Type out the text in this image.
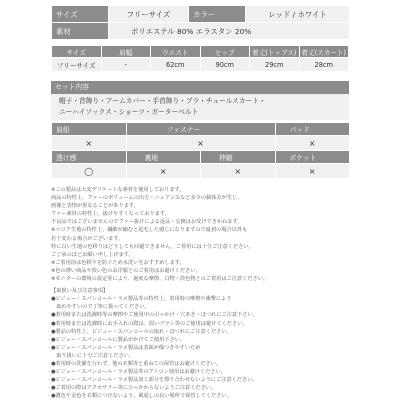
サイズ	フリーサイズ	カラー	レッド / ホワイト
素材	ポリエステル 80% エラスタン 20%		
サイズ	肩幅	ウエスト	ヒップ	着丈(トップス)	着丈(スカート)
フリーサイズ	-	62cm	90cm	29cm	28cm
セット内容
帽子・首飾り・アームカバー・手首飾り・ブラ・チュールスカート・
ニーハイソックス・ショーツ・ガーターベルト
肩紐	ファスナー		パッド
×	×		×
透け感	裏地	伸縮	ポケット
◯	×	×	×
※この製品は大変デリケートな素材を使用しております。
商品の特性上、ファーのボリュームの出方・ニュアンスなど多少の個体差が生じ、
画像と表情が異なることがあります。
ファー素材の特性上、抜けやすくなっております。
不良品ではございませんのでファー抜けによる返品・交換はお受けできかねます。
※ベロア生地の特性上、繊維が縮むと起毛した感じになりますので最初の場合以外も
若干変わる場合がございます。
特に白い生地の色移りはどうしても回避できません。ご着用には十分ご注意ください。
ご了承のほどお願い申し上げます。
※ご着用前は色移りを防ぐため水洗いをおすすめします。
※色の薄い商品や淡い色のお洋服とのご着用はお避けください。
※モニターの環境の設定等により、過度な摩擦、白物・淡色物とのご着用はご注意ください。
【取扱い及び注意事項】
●ビジュー・スパンコール・ラメ製品等の特性上、着用時の摩擦や衝撃により
　取れやすいので丁寧に扱ってください。
●着用時または洗濯時等の摩擦やご使用中の引っかけ・穴あき・ほつれにご注意下さい。
●着用時または洗濯時にお手入れの際は、固いブラシ等のご使用は避けてください。
●製品の特性上、ビジュー・スパンコールの取れ・ほつれにご注意ください。
●ビジュー・スパンコールに製品がかけてご使用下さい。
●ビジュー・スパンコール・ラメ製品は表面が傷つきやすいため
　取り扱いに十分ご注意ください。
●着用時の洗濯を行わず、他の衣類等と重ねての保管はお避けください。
●ビジュー・スパンコール・ラメ製品等のアイロン使用はお避けください。
●ビジュー・スパンコール・ラメ製品加工部分を擦り合わせないようにご注意ください。
●ご着用の際はアクセサリー等にひっかからないようご注意ください。
●濃色や金色を衣類につけないよう、風通しの良い場所で保管してください。
